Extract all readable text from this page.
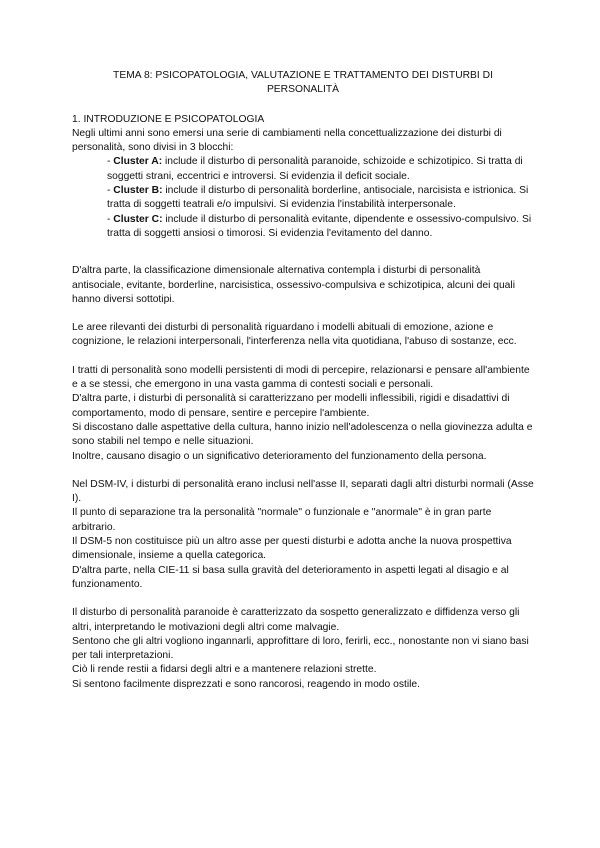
TEMA 8: PSICOPATOLOGIA, VALUTAZIONE E TRATTAMENTO DEI DISTURBI DI PERSONALITÀ

1. INTRODUZIONE E PSICOPATOLOGIA

Negli ultimi anni sono emersi una serie di cambiamenti nella concettualizzazione dei disturbi di personalità, sono divisi in 3 blocchi:

- Cluster A: include il disturbo di personalità paranoide, schizoide e schizotipico. Si tratta di soggetti strani, eccentrici e introversi. Si evidenzia il deficit sociale.
- Cluster B: include il disturbo di personalità borderline, antisociale, narcisista e istrionica. Si tratta di soggetti teatrali e/o impulsivi. Si evidenzia l'instabilità interpersonale.
- Cluster C: include il disturbo di personalità evitante, dipendente e ossessivo-compulsivo. Si tratta di soggetti ansiosi o timorosi. Si evidenzia l'evitamento del danno.

D'altra parte, la classificazione dimensionale alternativa contempla i disturbi di personalità antisociale, evitante, borderline, narcisistica, ossessivo-compulsiva e schizotipica, alcuni dei quali hanno diversi sottotipi.

Le aree rilevanti dei disturbi di personalità riguardano i modelli abituali di emozione, azione e cognizione, le relazioni interpersonali, l'interferenza nella vita quotidiana, l'abuso di sostanze, ecc.

I tratti di personalità sono modelli persistenti di modi di percepire, relazionarsi e pensare all'ambiente e a se stessi, che emergono in una vasta gamma di contesti sociali e personali.
D'altra parte, i disturbi di personalità si caratterizzano per modelli inflessibili, rigidi e disadattivi di comportamento, modo di pensare, sentire e percepire l'ambiente.
Si discostano dalle aspettative della cultura, hanno inizio nell'adolescenza o nella giovinezza adulta e sono stabili nel tempo e nelle situazioni.
Inoltre, causano disagio o un significativo deterioramento del funzionamento della persona.
Nel DSM-IV, i disturbi di personalità erano inclusi nell'asse II, separati dagli altri disturbi normali (Asse I).
Il punto di separazione tra la personalità "normale" o funzionale e "anormale" è in gran parte arbitrario.
Il DSM-5 non costituisce più un altro asse per questi disturbi e adotta anche la nuova prospettiva dimensionale, insieme a quella categorica.
D'altra parte, nella CIE-11 si basa sulla gravità del deterioramento in aspetti legati al disagio e al funzionamento.
Il disturbo di personalità paranoide è caratterizzato da sospetto generalizzato e diffidenza verso gli altri, interpretando le motivazioni degli altri come malvagie.
Sentono che gli altri vogliono ingannarli, approfittare di loro, ferirli, ecc., nonostante non vi siano basi per tali interpretazioni.
Ciò li rende restii a fidarsi degli altri e a mantenere relazioni strette.
Si sentono facilmente disprezzati e sono rancorosi, reagendo in modo ostile.
